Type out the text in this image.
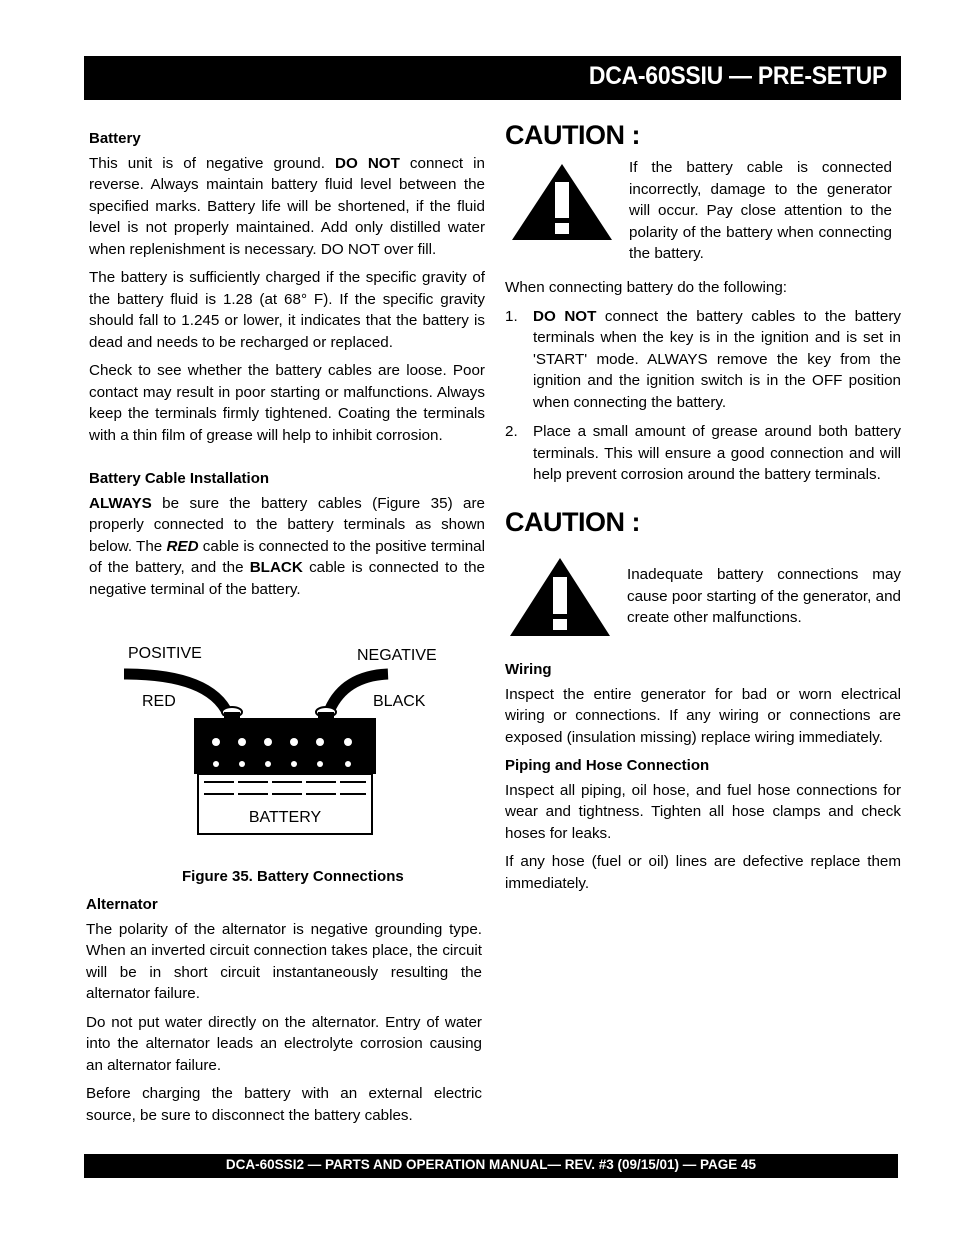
DCA-60SSIU — PRE-SETUP
Battery

This unit is of negative ground. DO NOT connect in reverse. Always maintain battery fluid level between the specified marks. Battery life will be shortened, if the fluid level is not properly maintained. Add only distilled water when replenishment is necessary. DO NOT over fill.

The battery is sufficiently charged if the specific gravity of the battery fluid is 1.28 (at 68° F). If the specific gravity should fall to 1.245 or lower, it indicates that the battery is dead and needs to be recharged or replaced.

Check to see whether the battery cables are loose. Poor contact may result in poor starting or malfunctions. Always keep the terminals firmly tightened. Coating the terminals with a thin film of grease will help to inhibit corrosion.

Battery Cable Installation

ALWAYS be sure the battery cables (Figure 35) are properly connected to the battery terminals as shown below. The RED cable is connected to the positive terminal of the battery, and the BLACK cable is connected to the negative terminal of the battery.

POSITIVE	NEGATIVE
RED	BLACK
BATTERY
Figure 35. Battery Connections
Alternator

The polarity of the alternator is negative grounding type. When an inverted circuit connection takes place, the circuit will be in short circuit instantaneously resulting the alternator failure.

Do not put water directly on the alternator. Entry of water into the alternator leads an electrolyte corrosion causing an alternator failure.

Before charging the battery with an external electric source, be sure to disconnect the battery cables.

CAUTION :
If the battery cable is connected incorrectly, damage to the generator will occur. Pay close attention to the polarity of the battery when connecting the battery.

When connecting battery do the following:

1. DO NOT connect the battery cables to the battery terminals when the key is in the ignition and is set in 'START' mode. ALWAYS remove the key from the ignition and the ignition switch is in the OFF position when connecting the battery.
2. Place a small amount of grease around both battery terminals. This will ensure a good connection and will help prevent corrosion around the battery terminals.
CAUTION :
Inadequate battery connections may cause poor starting of the generator, and create other malfunctions.
Wiring

Inspect the entire generator for bad or worn electrical wiring or connections. If any wiring or connections are exposed (insulation missing) replace wiring immediately.

Piping and Hose Connection

Inspect all piping, oil hose, and fuel hose connections for wear and tightness. Tighten all hose clamps and check hoses for leaks.

If any hose (fuel or oil) lines are defective replace them immediately.

DCA-60SSI2 — PARTS AND OPERATION MANUAL— REV. #3 (09/15/01) — PAGE 45
